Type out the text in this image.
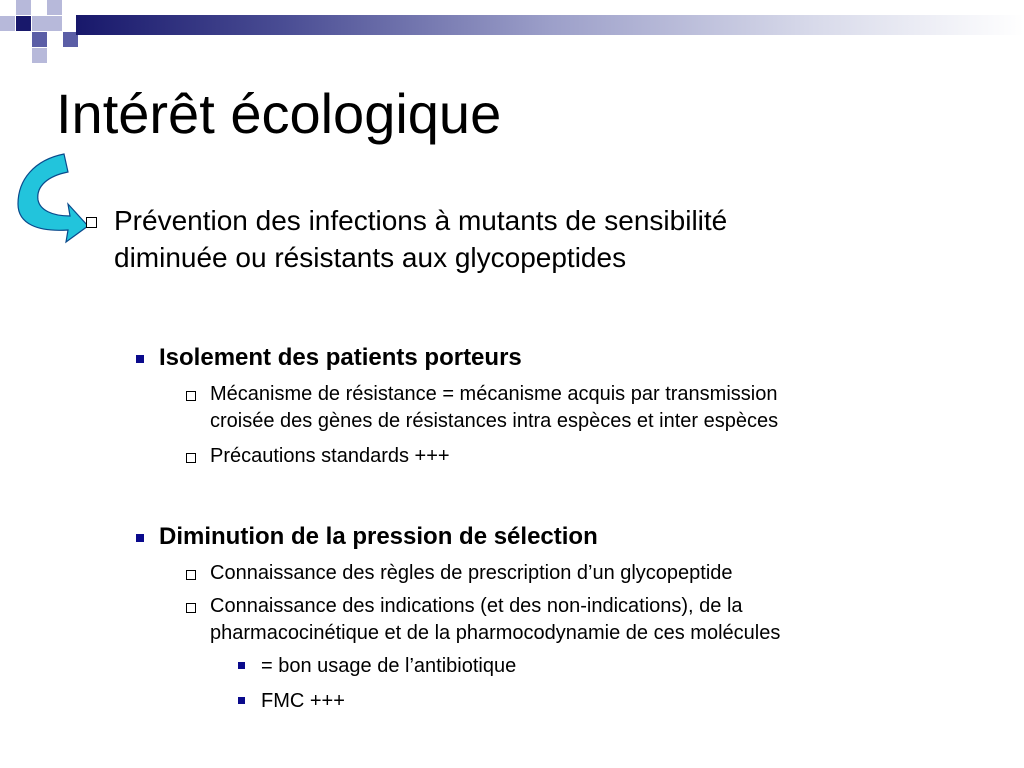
Intérêt écologique
Prévention des infections à mutants de sensibilité
diminuée ou résistants aux glycopeptides
Isolement des patients porteurs
Mécanisme de résistance = mécanisme acquis par transmission
croisée des gènes de résistances intra espèces et inter espèces
Précautions standards +++
Diminution de la pression de sélection
Connaissance des règles de prescription d’un glycopeptide
Connaissance des indications (et des non-indications), de la
pharmacocinétique et de la pharmocodynamie de ces molécules
= bon usage de l’antibiotique
FMC +++
